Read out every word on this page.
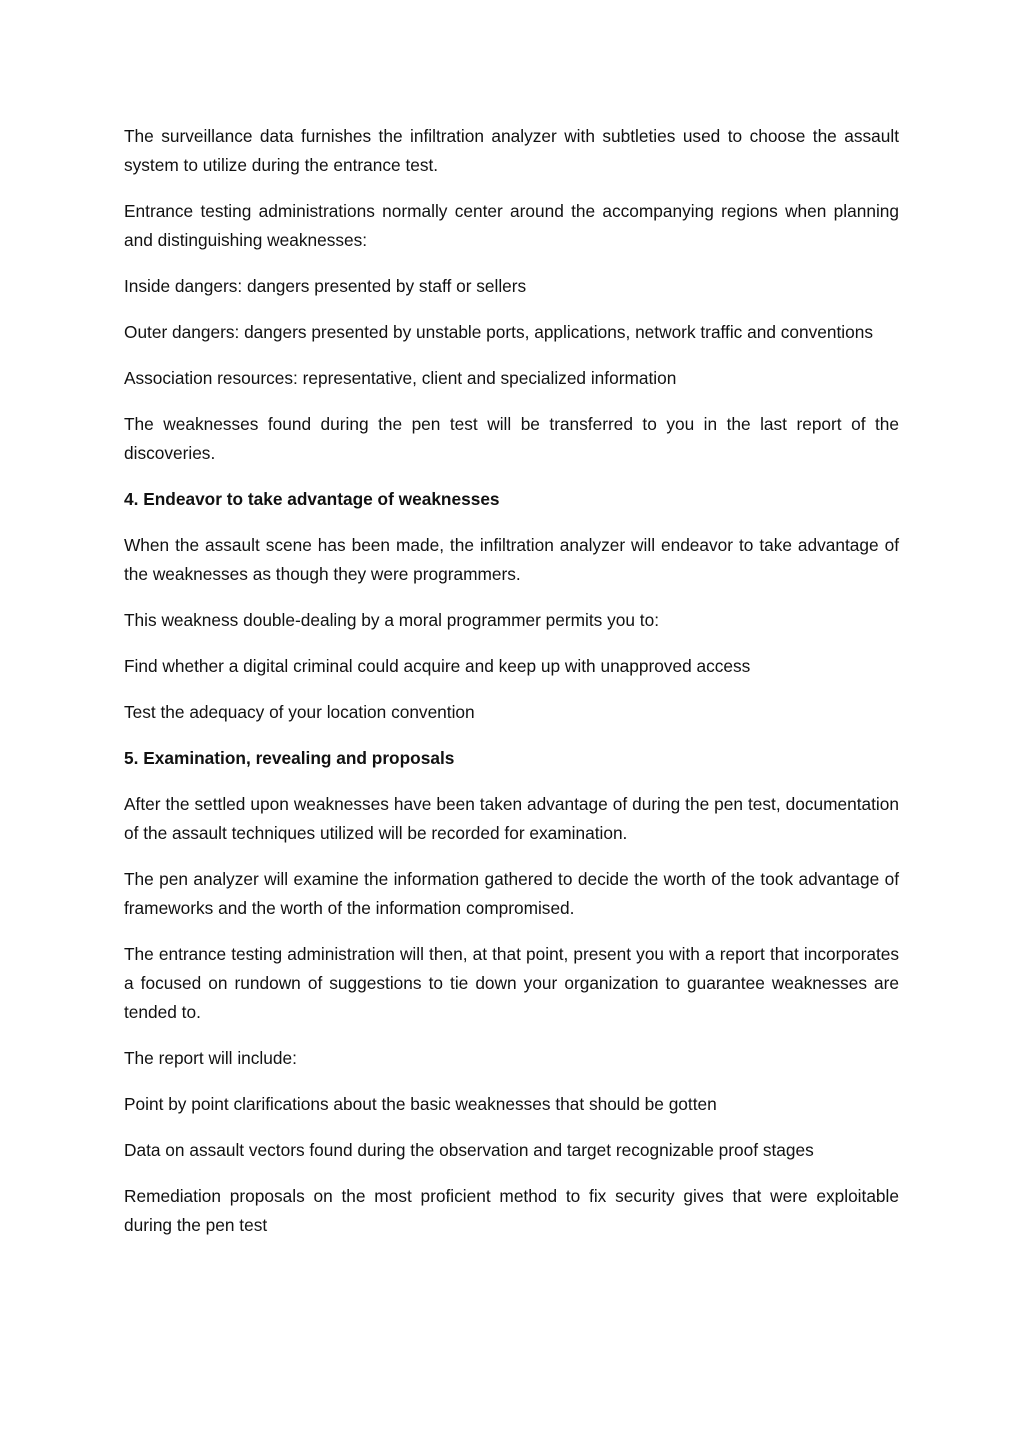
The surveillance data furnishes the infiltration analyzer with subtleties used to choose the assault system to utilize during the entrance test.

Entrance testing administrations normally center around the accompanying regions when planning and distinguishing weaknesses:

Inside dangers: dangers presented by staff or sellers

Outer dangers: dangers presented by unstable ports, applications, network traffic and conventions

Association resources: representative, client and specialized information

The weaknesses found during the pen test will be transferred to you in the last report of the discoveries.

4. Endeavor to take advantage of weaknesses

When the assault scene has been made, the infiltration analyzer will endeavor to take advantage of the weaknesses as though they were programmers.

This weakness double-dealing by a moral programmer permits you to:

Find whether a digital criminal could acquire and keep up with unapproved access

Test the adequacy of your location convention

5. Examination, revealing and proposals

After the settled upon weaknesses have been taken advantage of during the pen test, documentation of the assault techniques utilized will be recorded for examination.

The pen analyzer will examine the information gathered to decide the worth of the took advantage of frameworks and the worth of the information compromised.

The entrance testing administration will then, at that point, present you with a report that incorporates a focused on rundown of suggestions to tie down your organization to guarantee weaknesses are tended to.

The report will include:

Point by point clarifications about the basic weaknesses that should be gotten

Data on assault vectors found during the observation and target recognizable proof stages

Remediation proposals on the most proficient method to fix security gives that were exploitable during the pen test
